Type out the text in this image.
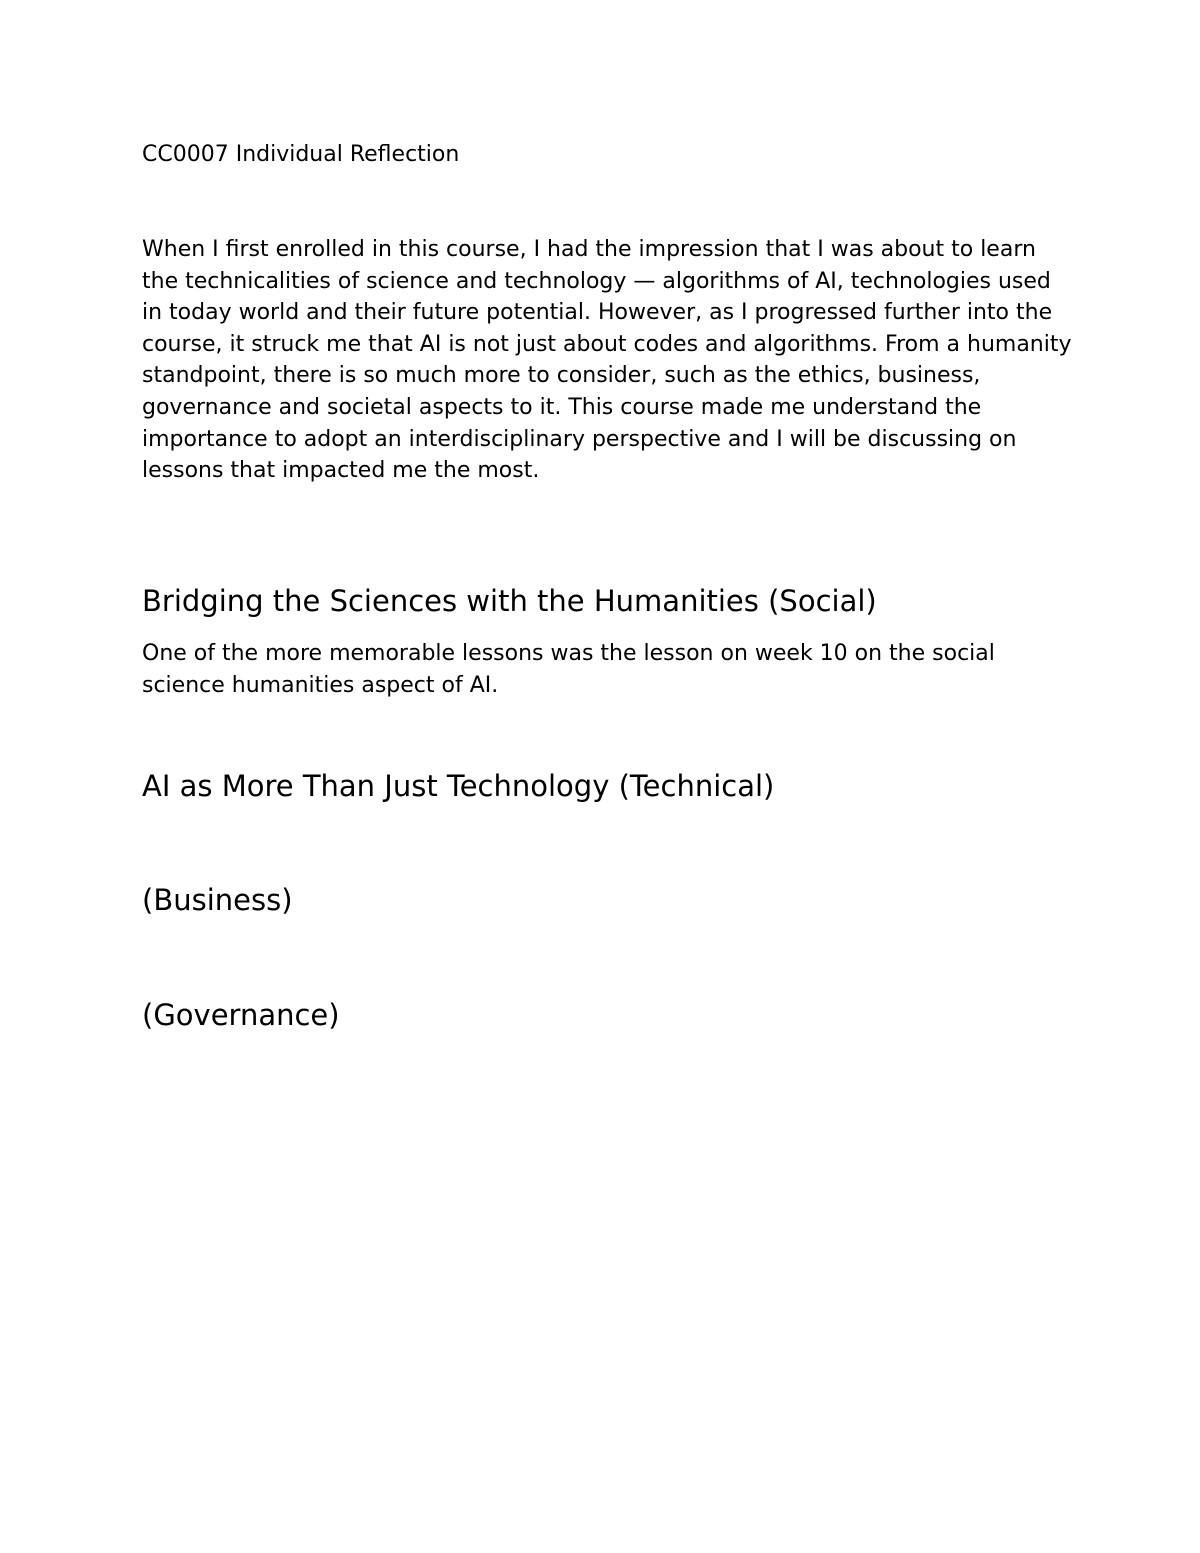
CC0007 Individual Reflection

When I first enrolled in this course, I had the impression that I was about to learn the technicalities of science and technology — algorithms of AI, technologies used in today world and their future potential. However, as I progressed further into the course, it struck me that AI is not just about codes and algorithms. From a humanity standpoint, there is so much more to consider, such as the ethics, business, governance and societal aspects to it. This course made me understand the importance to adopt an interdisciplinary perspective and I will be discussing on lessons that impacted me the most.

Bridging the Sciences with the Humanities (Social)

One of the more memorable lessons was the lesson on week 10 on the social science humanities aspect of AI.

AI as More Than Just Technology (Technical)
(Business)
(Governance)
